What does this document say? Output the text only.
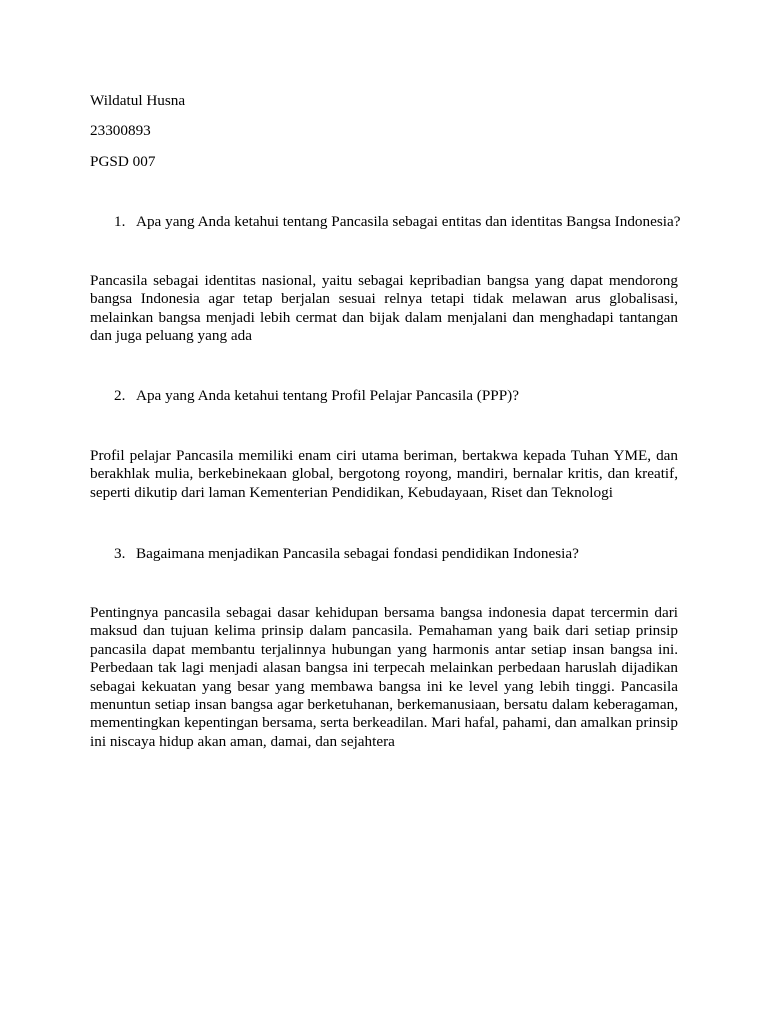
Wildatul Husna

23300893

PGSD 007

1. Apa yang Anda ketahui tentang Pancasila sebagai entitas dan identitas Bangsa Indonesia?

Pancasila sebagai identitas nasional, yaitu sebagai kepribadian bangsa yang dapat mendorong bangsa Indonesia agar tetap berjalan sesuai relnya tetapi tidak melawan arus globalisasi, melainkan bangsa menjadi lebih cermat dan bijak dalam menjalani dan menghadapi tantangan dan juga peluang yang ada

2. Apa yang Anda ketahui tentang Profil Pelajar Pancasila (PPP)?

Profil pelajar Pancasila memiliki enam ciri utama beriman, bertakwa kepada Tuhan YME, dan berakhlak mulia, berkebinekaan global, bergotong royong, mandiri, bernalar kritis, dan kreatif, seperti dikutip dari laman Kementerian Pendidikan, Kebudayaan, Riset dan Teknologi

3. Bagaimana menjadikan Pancasila sebagai fondasi pendidikan Indonesia?

Pentingnya pancasila sebagai dasar kehidupan bersama bangsa indonesia dapat tercermin dari maksud dan tujuan kelima prinsip dalam pancasila. Pemahaman yang baik dari setiap prinsip pancasila dapat membantu terjalinnya hubungan yang harmonis antar setiap insan bangsa ini. Perbedaan tak lagi menjadi alasan bangsa ini terpecah melainkan perbedaan haruslah dijadikan sebagai kekuatan yang besar yang membawa bangsa ini ke level yang lebih tinggi. Pancasila menuntun setiap insan bangsa agar berketuhanan, berkemanusiaan, bersatu dalam keberagaman, mementingkan kepentingan bersama, serta berkeadilan. Mari hafal, pahami, dan amalkan prinsip ini niscaya hidup akan aman, damai, dan sejahtera
